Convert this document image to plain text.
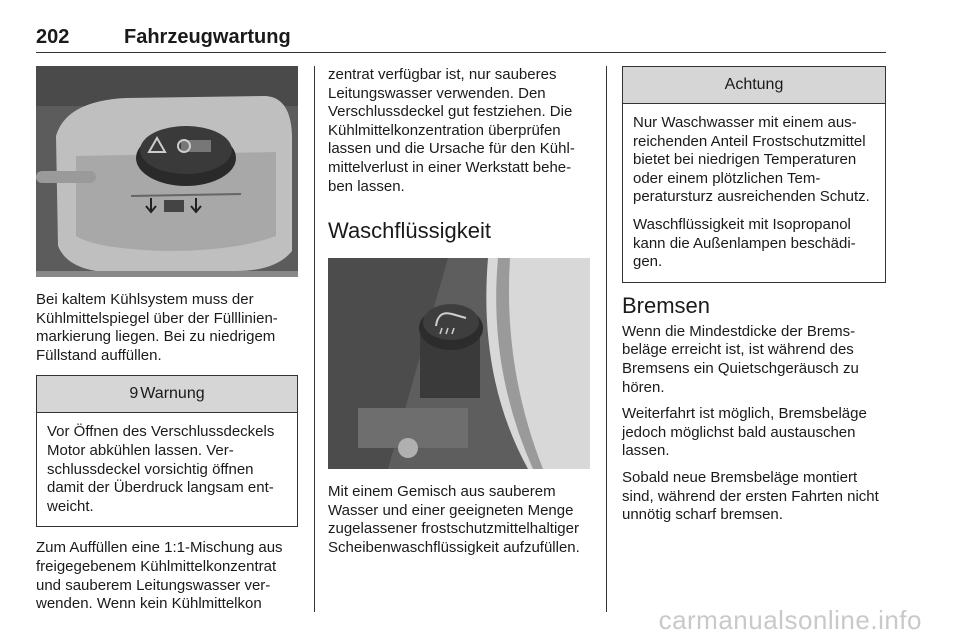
202	Fahrzeugwartung

Bei kaltem Kühlsystem muss der Kühlmittelspiegel über der Fülllinienmarkierung liegen. Bei zu niedrigem Füllstand auffüllen.

9 Warnung

Vor Öffnen des Verschlussdeckels Motor abkühlen lassen. Verschlussdeckel vorsichtig öffnen damit der Überdruck langsam entweicht.

Zum Auffüllen eine 1:1-Mischung aus freigegebenem Kühlmittelkonzentrat und sauberem Leitungswasser verwenden. Wenn kein Kühlmittelkon

zentrat verfügbar ist, nur sauberes Leitungswasser verwenden. Den Verschlussdeckel gut festziehen. Die Kühlmittelkonzentration überprüfen lassen und die Ursache für den Kühlmittelverlust in einer Werkstatt beheben lassen.

Waschflüssigkeit

Mit einem Gemisch aus sauberem Wasser und einer geeigneten Menge zugelassener frostschutzmittelhaltiger Scheibenwaschflüssigkeit aufzufüllen.

Achtung

Nur Waschwasser mit einem ausreichenden Anteil Frostschutzmittel bietet bei niedrigen Temperaturen oder einem plötzlichen Temperatursturz ausreichenden Schutz.

Waschflüssigkeit mit Isopropanol kann die Außenlampen beschädigen.

Bremsen

Wenn die Mindestdicke der Bremsbeläge erreicht ist, ist während des Bremsens ein Quietschgeräusch zu hören.

Weiterfahrt ist möglich, Bremsbeläge jedoch möglichst bald austauschen lassen.

Sobald neue Bremsbeläge montiert sind, während der ersten Fahrten nicht unnötig scharf bremsen.

carmanualsonline.info
